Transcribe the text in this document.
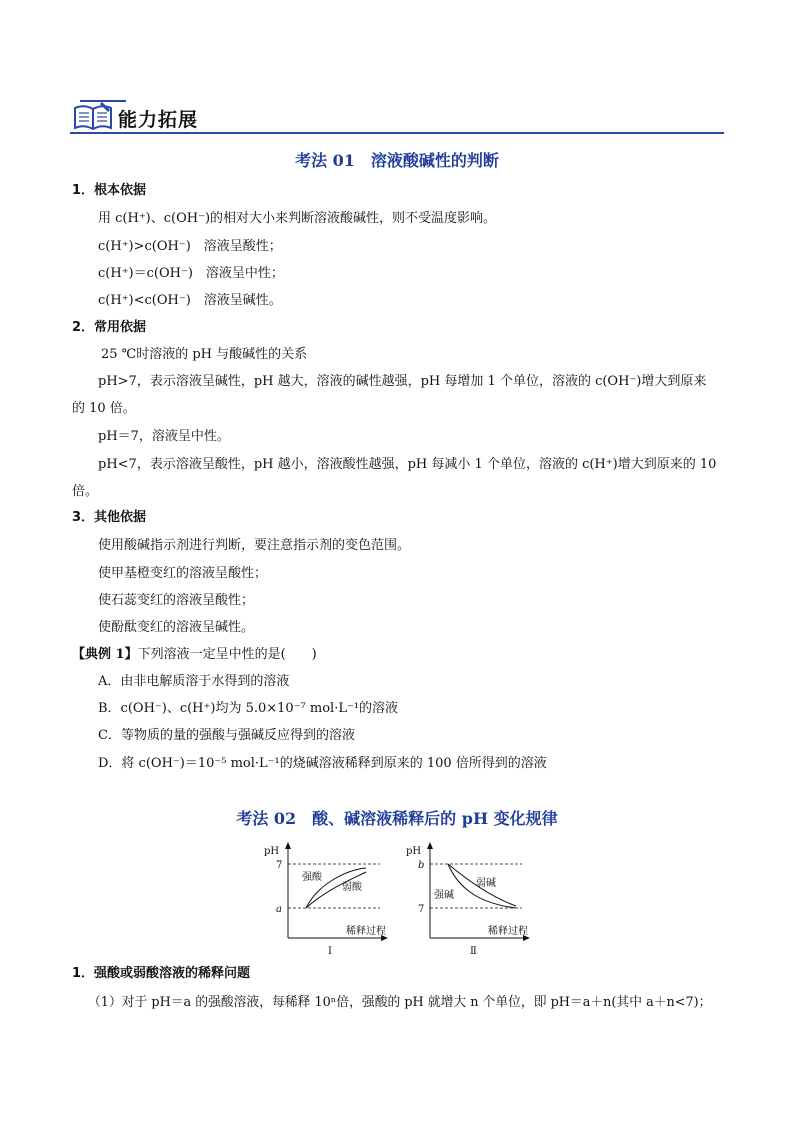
能力拓展
考法 01　溶液酸碱性的判断
1．根本依据
用 c(H⁺)、c(OH⁻)的相对大小来判断溶液酸碱性，则不受温度影响。
c(H⁺)>c(OH⁻)　溶液呈酸性；
c(H⁺)＝c(OH⁻)　溶液呈中性；
c(H⁺)<c(OH⁻)　溶液呈碱性。
2．常用依据
25 ℃时溶液的 pH 与酸碱性的关系
pH>7，表示溶液呈碱性，pH 越大，溶液的碱性越强，pH 每增加 1 个单位，溶液的 c(OH⁻)增大到原来
的 10 倍。
pH＝7，溶液呈中性。
pH<7，表示溶液呈酸性，pH 越小，溶液酸性越强，pH 每减小 1 个单位，溶液的 c(H⁺)增大到原来的 10
倍。
3．其他依据
使用酸碱指示剂进行判断，要注意指示剂的变色范围。
使甲基橙变红的溶液呈酸性；
使石蕊变红的溶液呈酸性；
使酚酞变红的溶液呈碱性。
【典例 1】下列溶液一定呈中性的是(　　)
A．由非电解质溶于水得到的溶液
B．c(OH⁻)、c(H⁺)均为 5.0×10⁻⁷ mol·L⁻¹的溶液
C．等物质的量的强酸与强碱反应得到的溶液
D．将 c(OH⁻)＝10⁻⁵ mol·L⁻¹的烧碱溶液稀释到原来的 100 倍所得到的溶液
考法 02　酸、碱溶液稀释后的 pH 变化规律
pH
7
a
强酸
弱酸
稀释过程
Ⅰ
pH
b
7
强碱
弱碱
稀释过程
Ⅱ
1．强酸或弱酸溶液的稀释问题
（1）对于 pH＝a 的强酸溶液，每稀释 10ⁿ倍，强酸的 pH 就增大 n 个单位，即 pH＝a＋n(其中 a＋n<7)；
